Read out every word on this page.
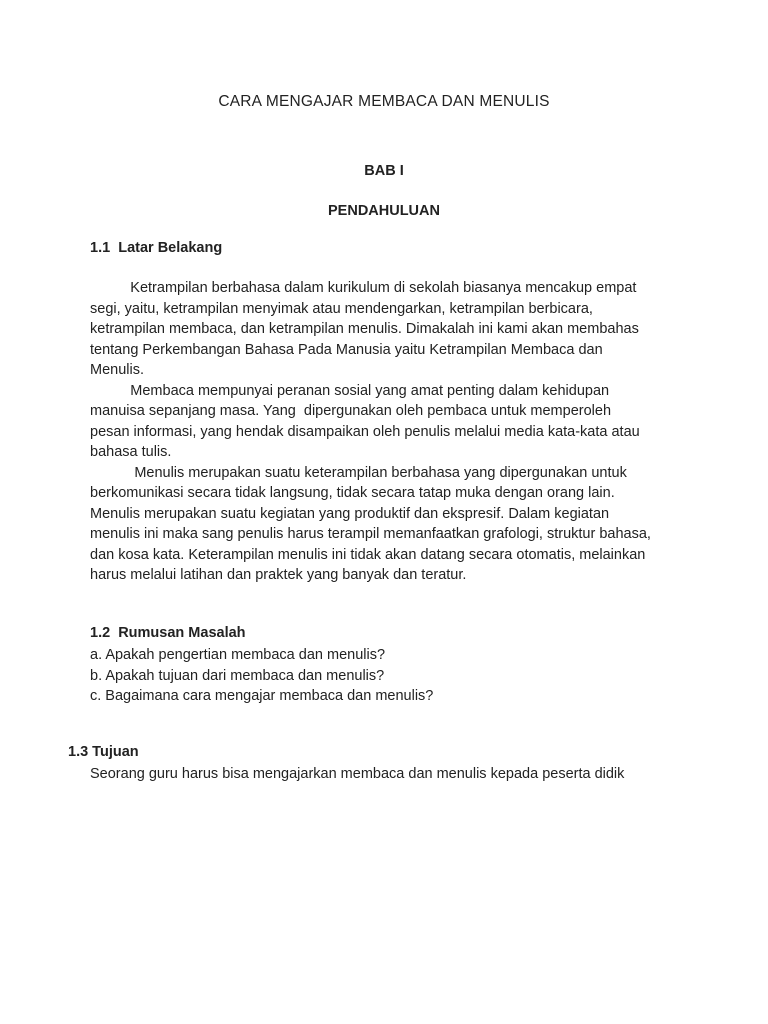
CARA MENGAJAR MEMBACA DAN MENULIS
BAB I
PENDAHULUAN
1.1  Latar Belakang
Ketrampilan berbahasa dalam kurikulum di sekolah biasanya mencakup empat
segi, yaitu, ketrampilan menyimak atau mendengarkan, ketrampilan berbicara,
ketrampilan membaca, dan ketrampilan menulis. Dimakalah ini kami akan membahas
tentang Perkembangan Bahasa Pada Manusia yaitu Ketrampilan Membaca dan
Menulis.
Membaca mempunyai peranan sosial yang amat penting dalam kehidupan
manuisa sepanjang masa. Yang  dipergunakan oleh pembaca untuk memperoleh
pesan informasi, yang hendak disampaikan oleh penulis melalui media kata-kata atau
bahasa tulis.
Menulis merupakan suatu keterampilan berbahasa yang dipergunakan untuk
berkomunikasi secara tidak langsung, tidak secara tatap muka dengan orang lain.
Menulis merupakan suatu kegiatan yang produktif dan ekspresif. Dalam kegiatan
menulis ini maka sang penulis harus terampil memanfaatkan grafologi, struktur bahasa,
dan kosa kata. Keterampilan menulis ini tidak akan datang secara otomatis, melainkan
harus melalui latihan dan praktek yang banyak dan teratur.
1.2  Rumusan Masalah
a. Apakah pengertian membaca dan menulis?
b. Apakah tujuan dari membaca dan menulis?
c. Bagaimana cara mengajar membaca dan menulis?
1.3 Tujuan
Seorang guru harus bisa mengajarkan membaca dan menulis kepada peserta didik
